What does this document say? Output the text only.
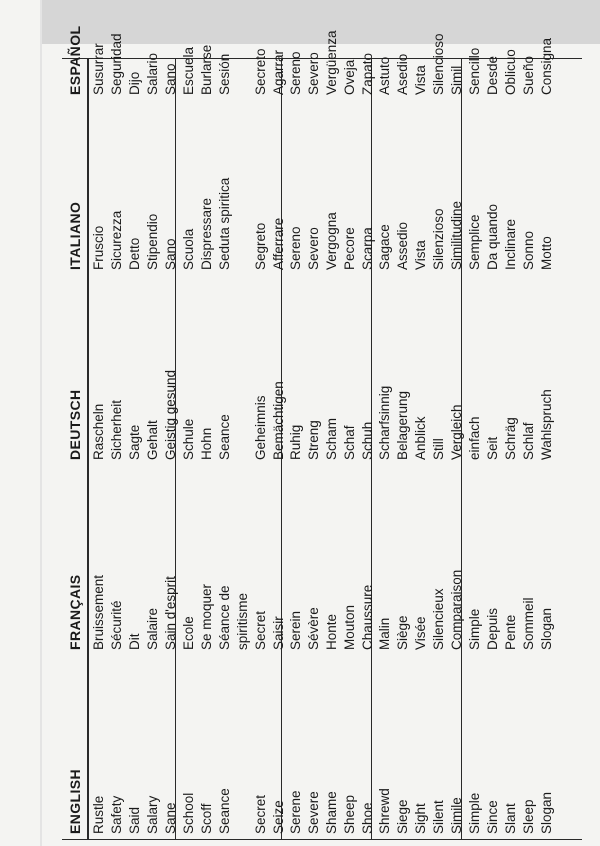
ENGLISH
FRANÇAIS
DEUTSCH
ITALIANO
ESPAÑOL
Rustle
Bruissement
Rascheln
Fruscio
Susurrar
Safety
Sécurité
Sicherheit
Sicurezza
Seguridad
Said
Dit
Sagte
Detto
Dijo
Salary
Salaire
Gehalt
Stipendio
Salario
Sane
Sain d'esprit
Geistig gesund
Sano
Sano
School
Ecole
Schule
Scuola
Escuela
Scoff
Se moquer
Hohn
Dispressare
Burlarse
Seance
Séance de
Seance
Seduta spiritica
Sesión
spiritisme
Secret
Secret
Geheimnis
Segreto
Secreto
Seize
Saisir
Bemächtigen
Afferrare
Agarrar
Serene
Serein
Ruhig
Sereno
Sereno
Severe
Sévère
Streng
Severo
Severo
Shame
Honte
Scham
Vergogna
Vergüenza
Sheep
Mouton
Schaf
Pecore
Oveja
Shoe
Chaussure
Schuh
Scarpa
Zapato
Shrewd
Malin
Scharfsinnig
Sagace
Astuto
Siege
Siège
Belagerung
Assedio
Asedio
Sight
Visée
Anblick
Vista
Vista
Silent
Silencieux
Still
Silenzioso
Silencioso
Simile
Comparaison
Vergleich
Similitudine
Simil
Simple
Simple
einfach
Semplice
Sencillo
Since
Depuis
Seit
Da quando
Desde
Slant
Pente
Schräg
Inclinare
Oblicuo
Sleep
Sommeil
Schlaf
Sonno
Sueño
Slogan
Slogan
Wahlspruch
Motto
Consigna
